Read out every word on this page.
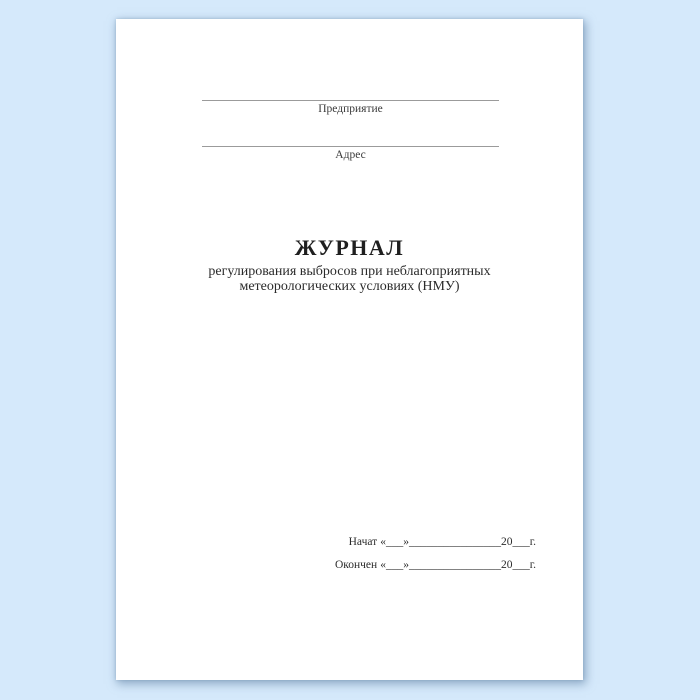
Предприятие
Адрес
ЖУРНАЛ
регулирования выбросов при неблагоприятных
метеорологических условиях (НМУ)
Начат «___»________________20___г.
Окончен «___»________________20___г.
